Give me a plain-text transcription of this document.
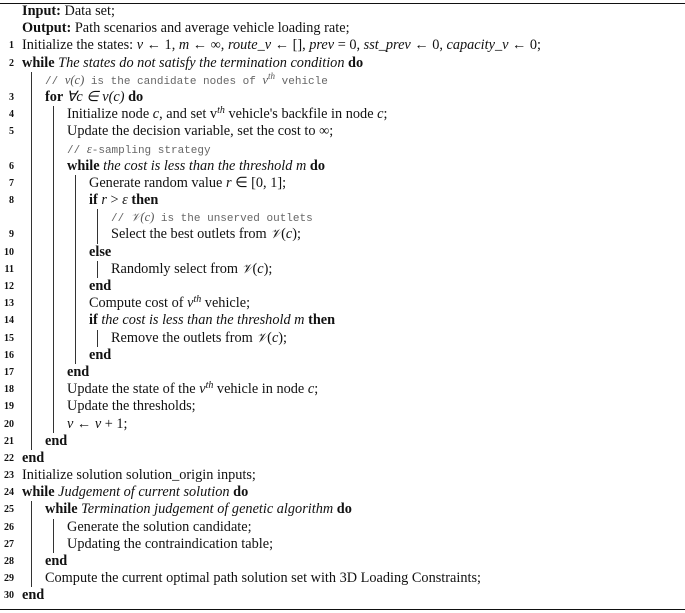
Input: Data set;
Output: Path scenarios and average vehicle loading rate;
1 Initialize the states: v ← 1, m ← ∞, route_v ← [], prev = 0, sst_prev ← 0, capacity_v ← 0;
2 while The states do not satisfy the termination condition do
// v(c) is the candidate nodes of $v^{th}$ vehicle
3 for ∀c ∈ v(c) do
4	Initialize node c, and set $v^{th}$ vehicle's backfile in node c;
5	Update the decision variable, set the cost to ∞;
// ε-sampling strategy
6	while the cost is less than the threshold m do
7	Generate random value r ∈ [0, 1];
8	if r > ε then
// 𝒱(c) is the unserved outlets
9	Select the best outlets from 𝒱(c);
10	else
11	Randomly select from 𝒱(c);
12	end
13	Compute cost of $v^{th}$ vehicle;
14	if the cost is less than the threshold m then
15	Remove the outlets from 𝒱(c);
16	end
17	end
18	Update the state of the $v^{th}$ vehicle in node c;
19	Update the thresholds;
20	v ← v + 1;
21 end
22 end
23 Initialize solution solution_origin inputs;
24 while Judgement of current solution do
25 while Termination judgement of genetic algorithm do
26	Generate the solution candidate;
27	Updating the contraindication table;
28 end
29 Compute the current optimal path solution set with 3D Loading Constraints;
30 end
